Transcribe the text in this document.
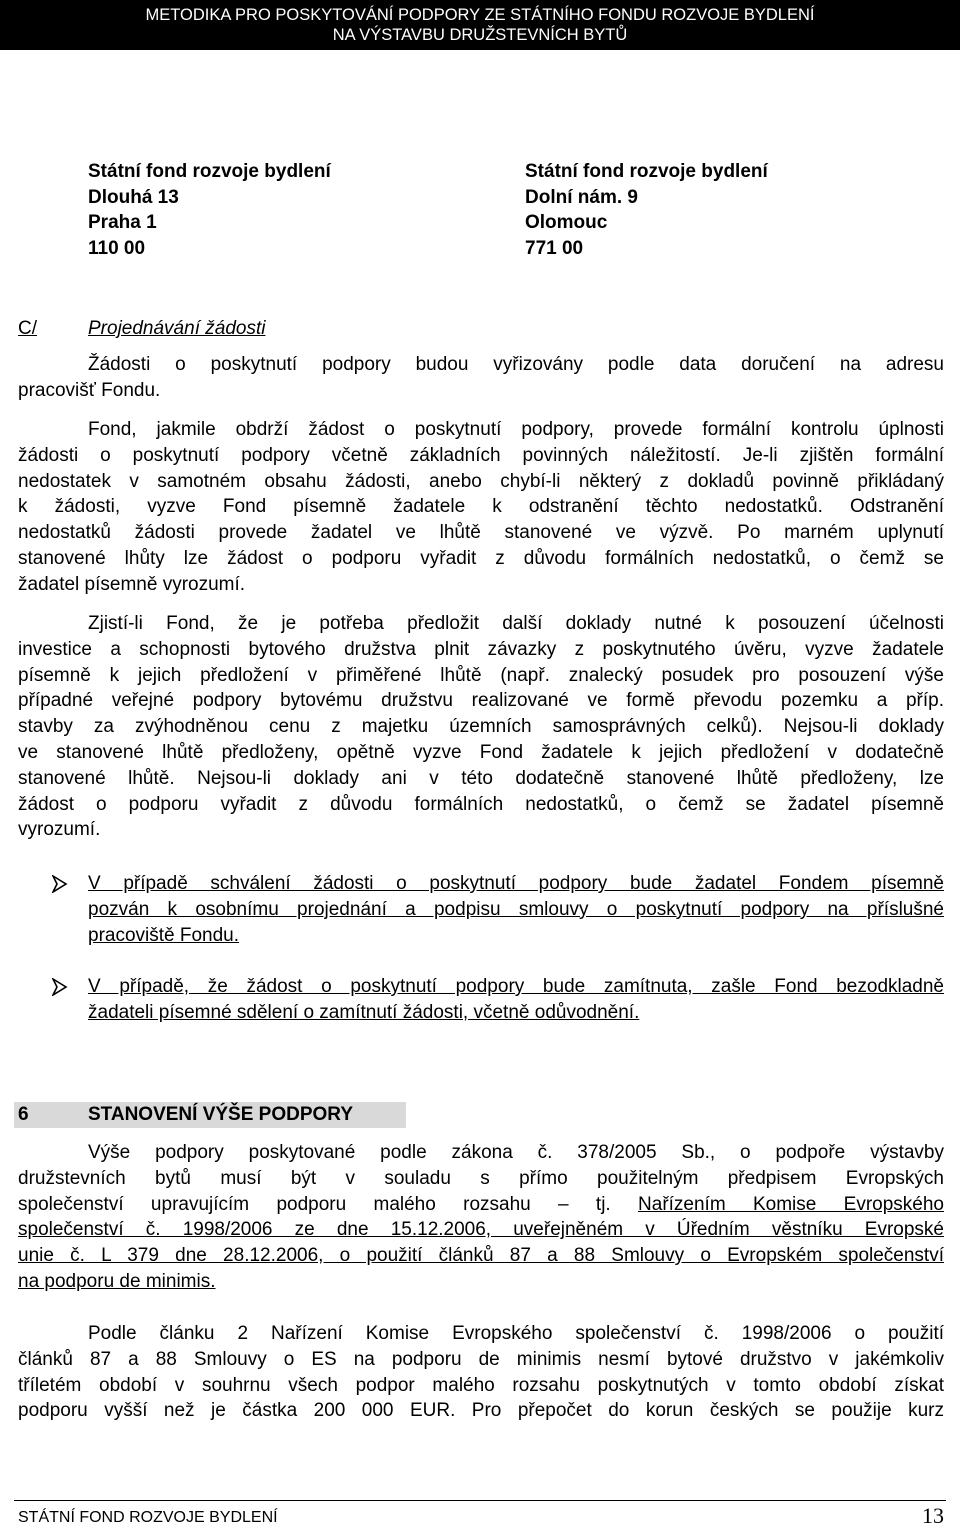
METODIKA PRO POSKYTOVÁNÍ PODPORY ZE STÁTNÍHO FONDU ROZVOJE BYDLENÍ
NA VÝSTAVBU DRUŽSTEVNÍCH BYTŮ
Státní fond rozvoje bydlení
Dlouhá 13
Praha 1
110 00
Státní fond rozvoje bydlení
Dolní nám. 9
Olomouc
771 00
C/	Projednávání žádosti
Žádosti o poskytnutí podpory budou vyřizovány podle data doručení na adresu
pracovišť Fondu.
Fond, jakmile obdrží žádost o poskytnutí podpory, provede formální kontrolu úplnosti
žádosti o poskytnutí podpory včetně základních povinných náležitostí. Je-li zjištěn formální
nedostatek v samotném obsahu žádosti, anebo chybí-li některý z dokladů povinně přikládaný
k žádosti, vyzve Fond písemně žadatele k odstranění těchto nedostatků. Odstranění
nedostatků žádosti provede žadatel ve lhůtě stanovené ve výzvě. Po marném uplynutí
stanovené lhůty lze žádost o podporu vyřadit z důvodu formálních nedostatků, o čemž se
žadatel písemně vyrozumí.
Zjistí-li Fond, že je potřeba předložit další doklady nutné k posouzení účelnosti
investice a schopnosti bytového družstva plnit závazky z poskytnutého úvěru, vyzve žadatele
písemně k jejich předložení v přiměřené lhůtě (např. znalecký posudek pro posouzení výše
případné veřejné podpory bytovému družstvu realizované ve formě převodu pozemku a příp.
stavby za zvýhodněnou cenu z majetku územních samosprávných celků). Nejsou-li doklady
ve stanovené lhůtě předloženy, opětně vyzve Fond žadatele k jejich předložení v dodatečně
stanovené lhůtě. Nejsou-li doklady ani v této dodatečně stanovené lhůtě předloženy, lze
žádost o podporu vyřadit z důvodu formálních nedostatků, o čemž se žadatel písemně
vyrozumí.
V případě schválení žádosti o poskytnutí podpory bude žadatel Fondem písemně
pozván k osobnímu projednání a podpisu smlouvy o poskytnutí podpory na příslušné
pracoviště Fondu.
V případě, že žádost o poskytnutí podpory bude zamítnuta, zašle Fond bezodkladně
žadateli písemné sdělení o zamítnutí žádosti, včetně odůvodnění.
6	STANOVENÍ VÝŠE PODPORY
Výše podpory poskytované podle zákona č. 378/2005 Sb., o podpoře výstavby
družstevních bytů musí být v souladu s přímo použitelným předpisem Evropských
společenství upravujícím podporu malého rozsahu – tj. Nařízením Komise Evropského
společenství č. 1998/2006 ze dne 15.12.2006, uveřejněném v Úředním věstníku Evropské
unie č. L 379 dne 28.12.2006, o použití článků 87 a 88 Smlouvy o Evropském společenství
na podporu de minimis.
Podle článku 2 Nařízení Komise Evropského společenství č. 1998/2006 o použití
článků 87 a 88 Smlouvy o ES na podporu de minimis nesmí bytové družstvo v jakémkoliv
tříletém období v souhrnu všech podpor malého rozsahu poskytnutých v tomto období získat
podporu vyšší než je částka 200 000 EUR. Pro přepočet do korun českých se použije kurz
STÁTNÍ FOND ROZVOJE BYDLENÍ	13
